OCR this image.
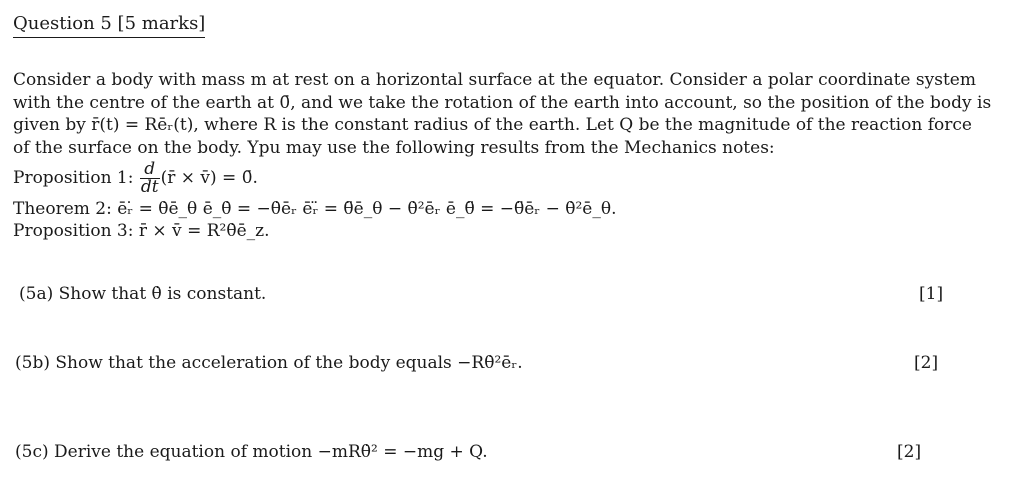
Question 5 [5 marks]

Consider a body with mass m at rest on a horizontal surface at the equator. Consider a polar coordinate system

with the centre of the earth at 0̄, and we take the rotation of the earth into account, so the position of the body is

given by r̄(t) = Rēᵣ(t), where R is the constant radius of the earth. Let Q be the magnitude of the reaction force

of the surface on the body. Ypu may use the following results from the Mechanics notes:

Proposition 1: $\frac{d}{dt}$ (r̄ × v̄) = 0̄.
Theorem 2: ēᵣ̇ = θ̇ē_θ ē_θ̇ = −θ̇ēᵣ ēᵣ̈ = θ̈ē_θ − θ̇²ēᵣ ē_θ̈ = −θ̈ēᵣ − θ̇²ē_θ.
Proposition 3: r̄ × v̄ = R²θ̇ē_z.
(5a) Show that θ̇ is constant.	[1]
(5b) Show that the acceleration of the body equals −Rθ̇²ēᵣ.	[2]
(5c) Derive the equation of motion −mRθ̇² = −mg + Q.	[2]
